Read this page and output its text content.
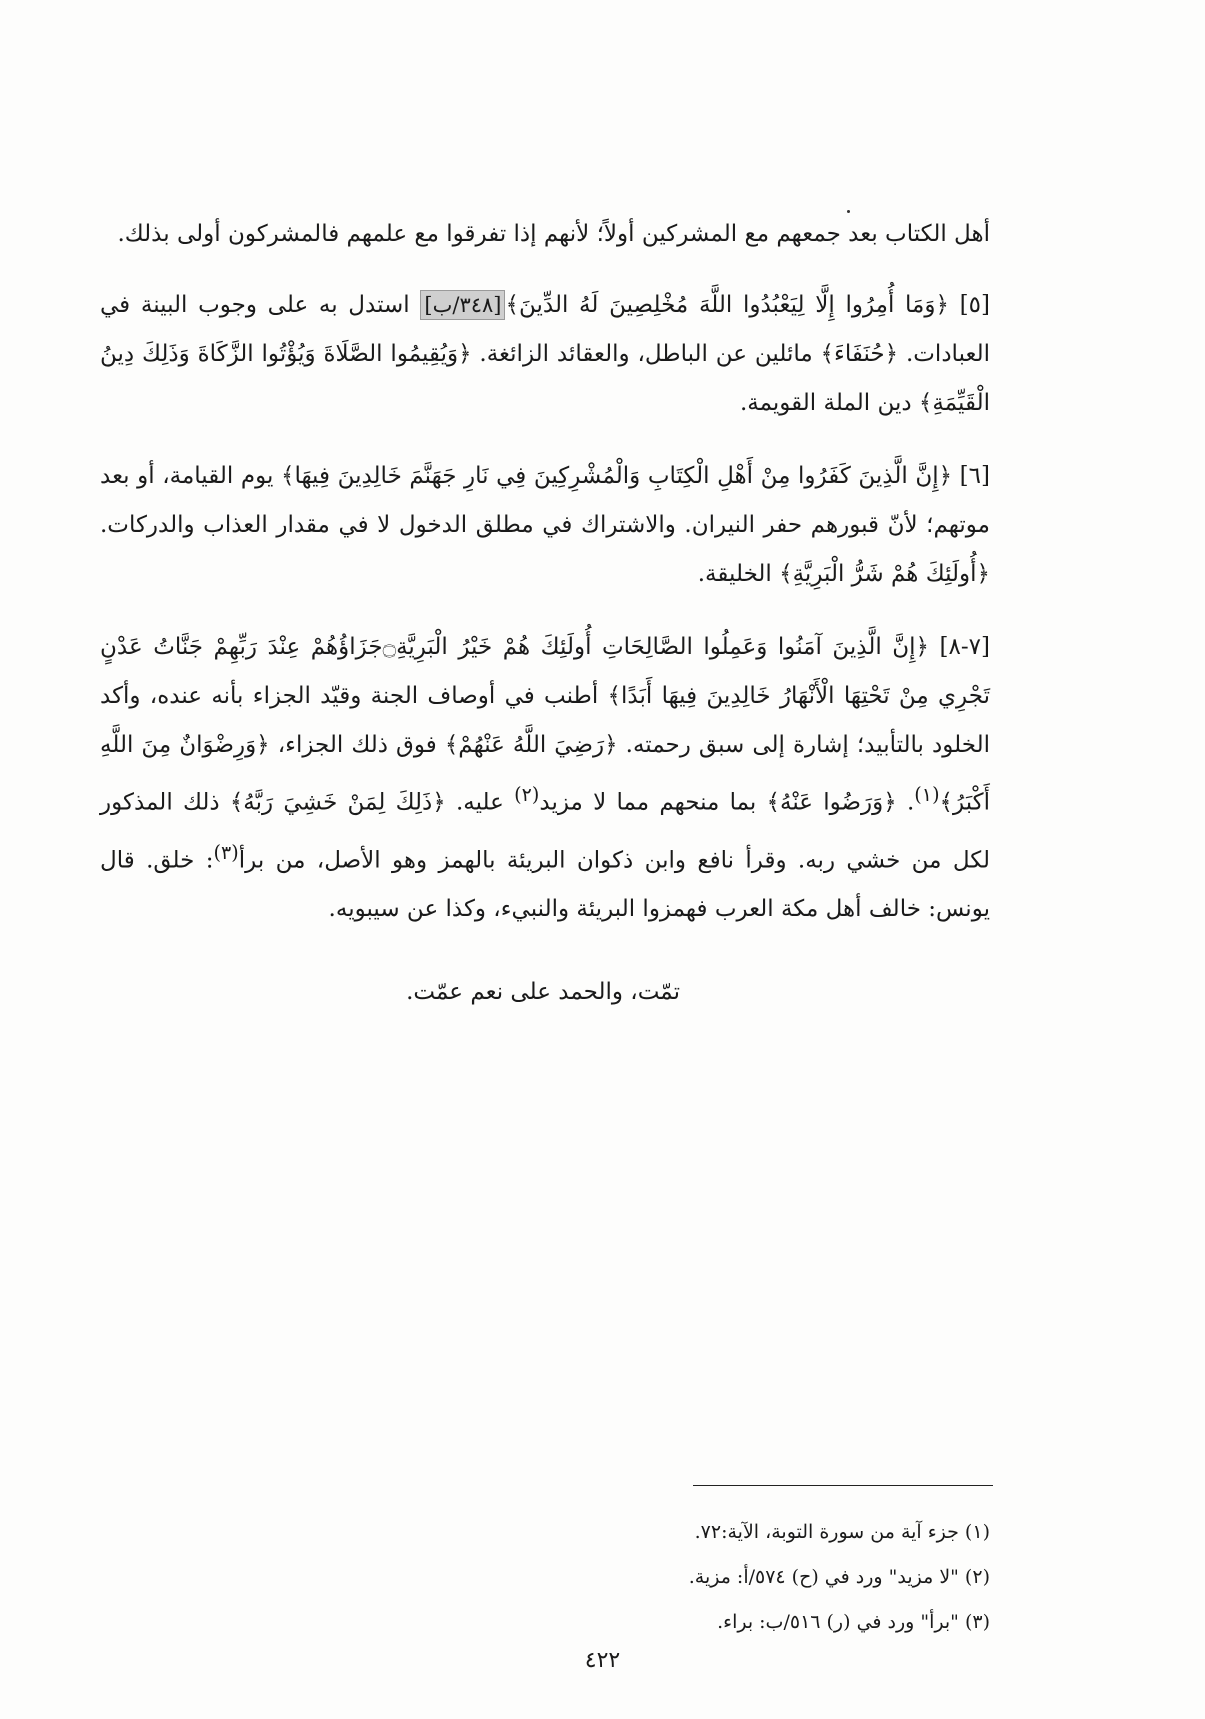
أهل الكتاب بعد جمعهم مع المشركين أولاً؛ لأنهم إذا تفرقوا مع علمهم فالمشركون أولى بذلك.

[٥] ﴿وَمَا أُمِرُوا إِلَّا لِيَعْبُدُوا اللَّهَ مُخْلِصِينَ لَهُ الدِّينَ﴾[٣٤٨/ب] استدل به على وجوب البينة في العبادات. ﴿حُنَفَاءَ﴾ مائلين عن الباطل، والعقائد الزائغة. ﴿وَيُقِيمُوا الصَّلَاةَ وَيُؤْتُوا الزَّكَاةَ وَذَلِكَ دِينُ الْقَيِّمَةِ﴾ دين الملة القويمة.

[٦] ﴿إِنَّ الَّذِينَ كَفَرُوا مِنْ أَهْلِ الْكِتَابِ وَالْمُشْرِكِينَ فِي نَارِ جَهَنَّمَ خَالِدِينَ فِيهَا﴾ يوم القيامة، أو بعد موتهم؛ لأنّ قبورهم حفر النيران. والاشتراك في مطلق الدخول لا في مقدار العذاب والدركات. ﴿أُولَئِكَ هُمْ شَرُّ الْبَرِيَّةِ﴾ الخليقة.

[٧-٨] ﴿إِنَّ الَّذِينَ آمَنُوا وَعَمِلُوا الصَّالِحَاتِ أُولَئِكَ هُمْ خَيْرُ الْبَرِيَّةِ۝جَزَاؤُهُمْ عِنْدَ رَبِّهِمْ جَنَّاتُ عَدْنٍ تَجْرِي مِنْ تَحْتِهَا الْأَنْهَارُ خَالِدِينَ فِيهَا أَبَدًا﴾ أطنب في أوصاف الجنة وقيّد الجزاء بأنه عنده، وأكد الخلود بالتأبيد؛ إشارة إلى سبق رحمته. ﴿رَضِيَ اللَّهُ عَنْهُمْ﴾ فوق ذلك الجزاء، ﴿وَرِضْوَانٌ مِنَ اللَّهِ أَكْبَرُ﴾$^{(١)}$. ﴿وَرَضُوا عَنْهُ﴾ بما منحهم مما لا مزيد$^{(٢)}$ عليه. ﴿ذَلِكَ لِمَنْ خَشِيَ رَبَّهُ﴾ ذلك المذكور لكل من خشي ربه. وقرأ نافع وابن ذكوان البريئة بالهمز وهو الأصل، من برأ$^{(٣)}$: خلق. قال يونس: خالف أهل مكة العرب فهمزوا البريئة والنبيء، وكذا عن سيبويه.

تمّت، والحمد على نعم عمّت.

(١) جزء آية من سورة التوبة، الآية:٧٢.

(٢) "لا مزيد" ورد في (ح) ٥٧٤/أ: مزية.

(٣) "برأ" ورد في (ر) ٥١٦/ب: براء.

٤٢٢
